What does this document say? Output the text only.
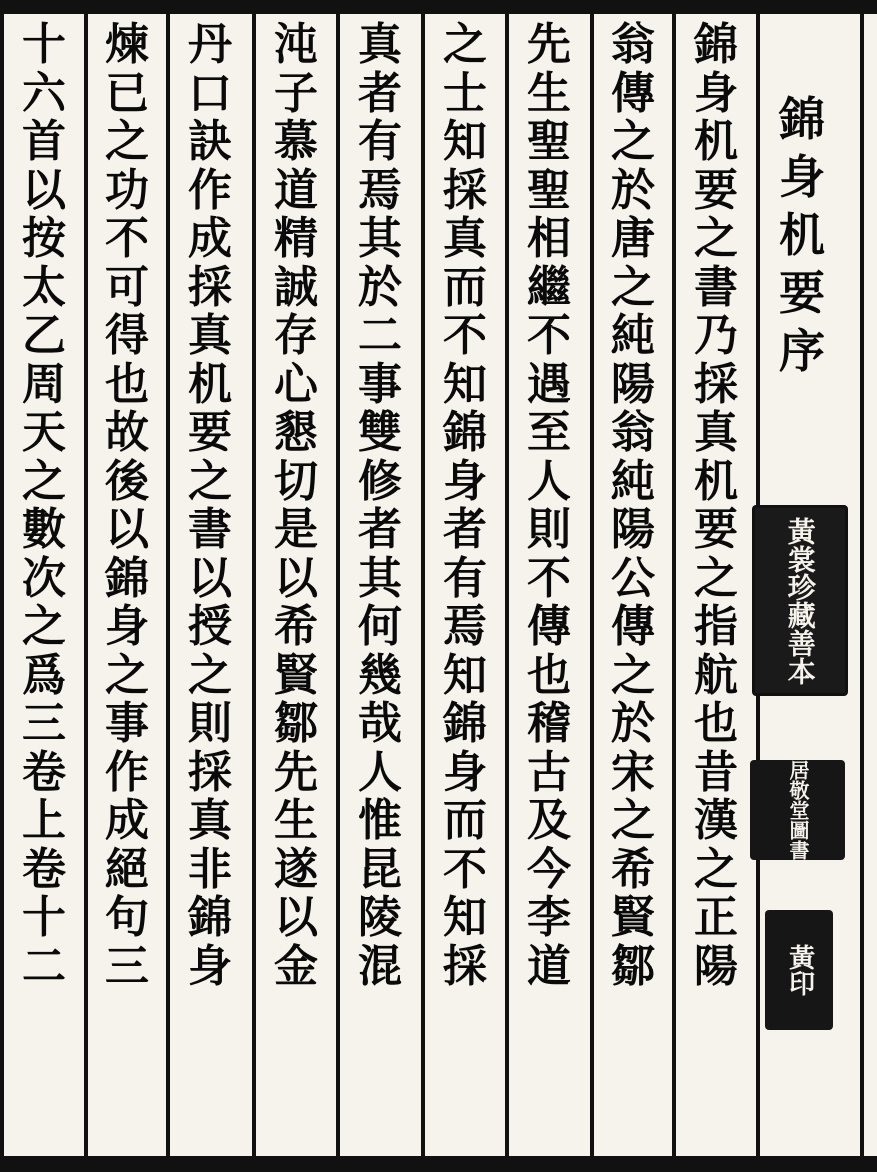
錦
身
机
要
之
書
乃
採
真
机
要
之
指
航
也
昔
漢
之
正
陽
翁
傳
之
於
唐
之
純
陽
翁
純
陽
公
傳
之
於
宋
之
希
賢
鄒
先
生
聖
聖
相
繼
不
遇
至
人
則
不
傳
也
稽
古
及
今
李
道
之
士
知
採
真
而
不
知
錦
身
者
有
焉
知
錦
身
而
不
知
採
真
者
有
焉
其
於
二
事
雙
修
者
其
何
幾
哉
人
惟
昆
陵
混
沌
子
慕
道
精
誠
存
心
懇
切
是
以
希
賢
鄒
先
生
遂
以
金
丹
口
訣
作
成
採
真
机
要
之
書
以
授
之
則
採
真
非
錦
身
煉
已
之
功
不
可
得
也
故
後
以
錦
身
之
事
作
成
絕
句
三
十
六
首
以
按
太
乙
周
天
之
數
次
之
爲
三
卷
上
卷
十
二
錦
身
机
要
序
黃裳珍藏善本
居敬堂圖書
黃印
